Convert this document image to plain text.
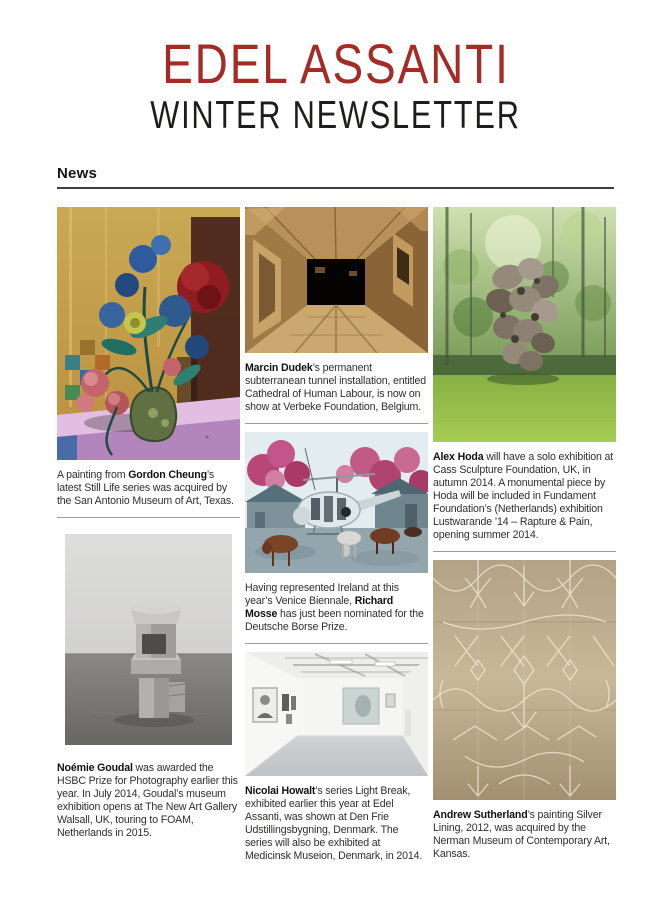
EDEL ASSANTI
WINTER NEWSLETTER
News

A painting from Gordon Cheung’s latest Still Life series was acquired by the San Antonio Museum of Art, Texas.

Noémie Goudal was awarded the HSBC Prize for Photography earlier this year. In July 2014, Goudal’s museum exhibition opens at The New Art Gallery Walsall, UK, touring to FOAM, Netherlands in 2015.

Marcin Dudek’s permanent subterranean tunnel installation, entitled Cathedral of Human Labour, is now on show at Verbeke Foundation, Belgium.

Having represented Ireland at this year’s Venice Biennale, Richard Mosse has just been nominated for the Deutsche Borse Prize.

Nicolai Howalt’s series Light Break, exhibited earlier this year at Edel Assanti, was shown at Den Frie Udstillingsbygning, Denmark. The series will also be exhibited at Medicinsk Museion, Denmark, in 2014.

Alex Hoda will have a solo exhibition at Cass Sculpture Foundation, UK, in autumn 2014. A monumental piece by Hoda will be included in Fundament Foundation’s (Netherlands) exhibition Lustwarande ’14 – Rapture & Pain, opening summer 2014.

Andrew Sutherland’s painting Silver Lining, 2012, was acquired by the Nerman Museum of Contemporary Art, Kansas.
